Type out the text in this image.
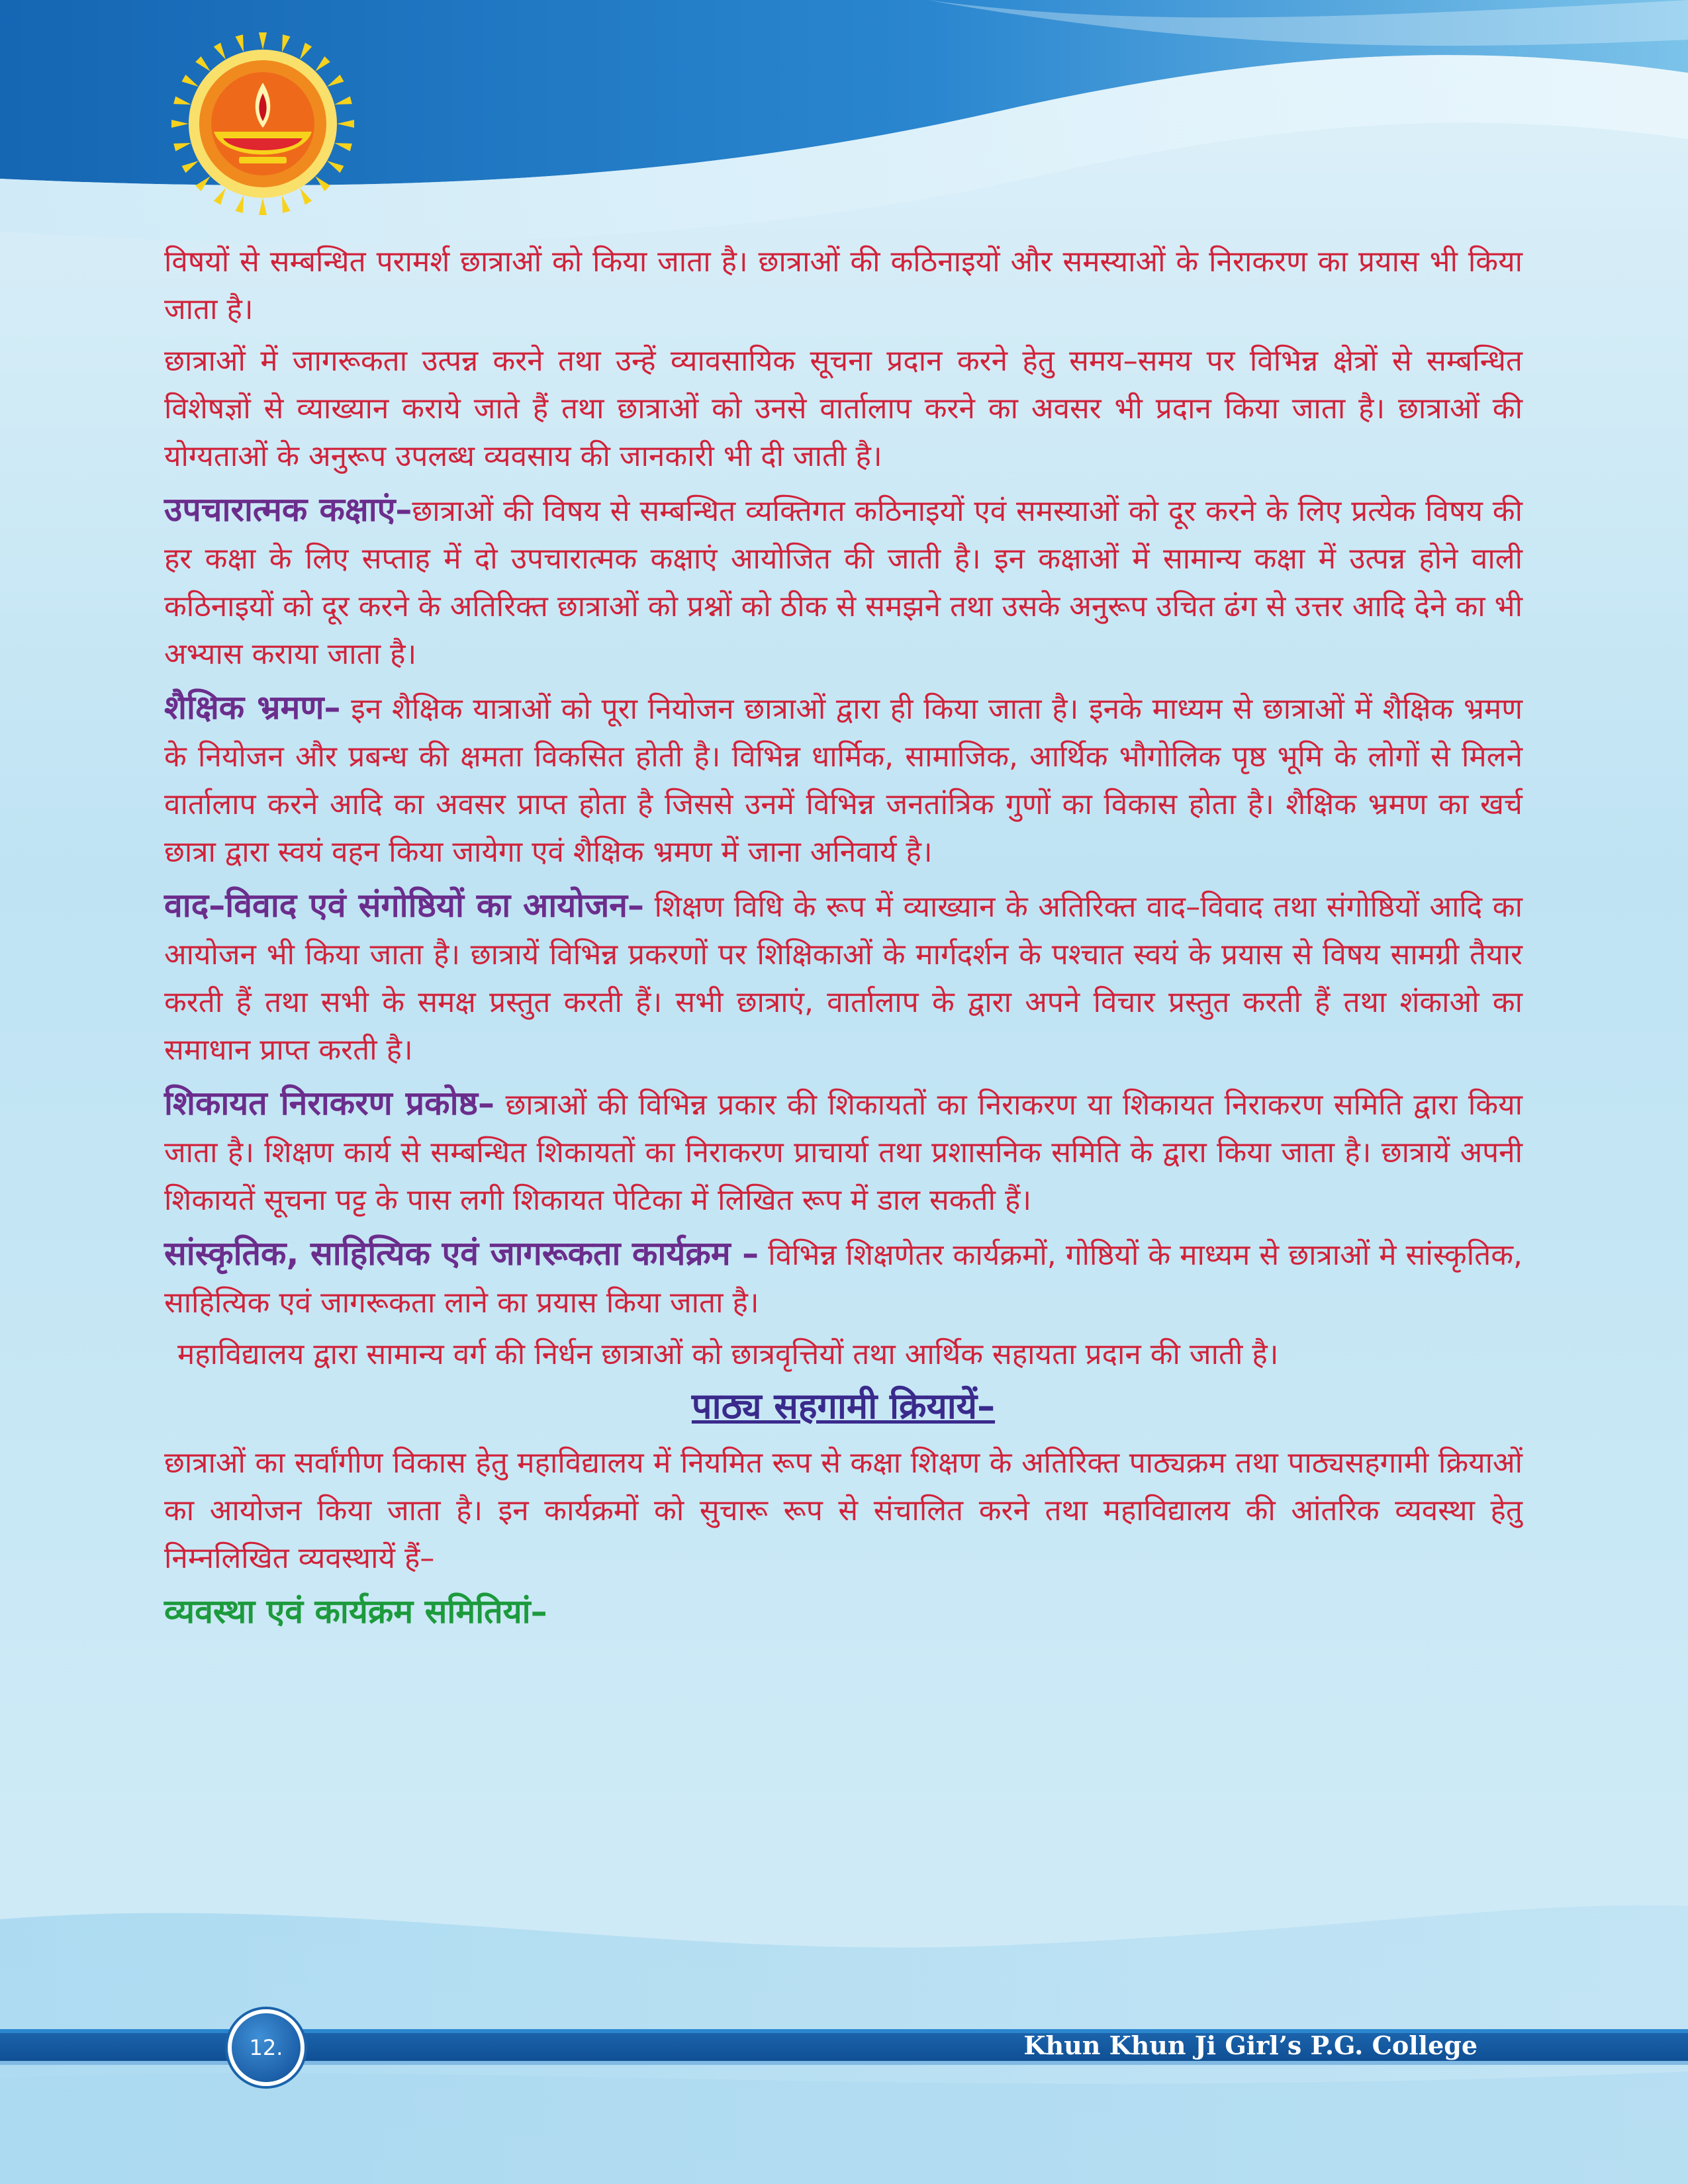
विषयों से सम्बन्धित परामर्श छात्राओं को किया जाता है। छात्राओं की कठिनाइयों और समस्याओं के निराकरण का प्रयास भी किया जाता है।

छात्राओं में जागरूकता उत्पन्न करने तथा उन्हें व्यावसायिक सूचना प्रदान करने हेतु समय–समय पर विभिन्न क्षेत्रों से सम्बन्धित विशेषज्ञों से व्याख्यान कराये जाते हैं तथा छात्राओं को उनसे वार्तालाप करने का अवसर भी प्रदान किया जाता है। छात्राओं की योग्यताओं के अनुरूप उपलब्ध व्यवसाय की जानकारी भी दी जाती है।

उपचारात्मक कक्षाएं–छात्राओं की विषय से सम्बन्धित व्यक्तिगत कठिनाइयों एवं समस्याओं को दूर करने के लिए प्रत्येक विषय की हर कक्षा के लिए सप्ताह में दो उपचारात्मक कक्षाएं आयोजित की जाती है। इन कक्षाओं में सामान्य कक्षा में उत्पन्न होने वाली कठिनाइयों को दूर करने के अतिरिक्त छात्राओं को प्रश्नों को ठीक से समझने तथा उसके अनुरूप उचित ढंग से उत्तर आदि देने का भी अभ्यास कराया जाता है।

शैक्षिक भ्रमण– इन शैक्षिक यात्राओं को पूरा नियोजन छात्राओं द्वारा ही किया जाता है। इनके माध्यम से छात्राओं में शैक्षिक भ्रमण के नियोजन और प्रबन्ध की क्षमता विकसित होती है। विभिन्न धार्मिक, सामाजिक, आर्थिक भौगोलिक पृष्ठ भूमि के लोगों से मिलने वार्तालाप करने आदि का अवसर प्राप्त होता है जिससे उनमें विभिन्न जनतांत्रिक गुणों का विकास होता है। शैक्षिक भ्रमण का खर्च छात्रा द्वारा स्वयं वहन किया जायेगा एवं शैक्षिक भ्रमण में जाना अनिवार्य है।

वाद–विवाद एवं संगोष्ठियों का आयोजन– शिक्षण विधि के रूप में व्याख्यान के अतिरिक्त वाद–विवाद तथा संगोष्ठियों आदि का आयोजन भी किया जाता है। छात्रायें विभिन्न प्रकरणों पर शिक्षिकाओं के मार्गदर्शन के पश्चात स्वयं के प्रयास से विषय सामग्री तैयार करती हैं तथा सभी के समक्ष प्रस्तुत करती हैं। सभी छात्राएं, वार्तालाप के द्वारा अपने विचार प्रस्तुत करती हैं तथा शंकाओ का समाधान प्राप्त करती है।

शिकायत निराकरण प्रकोष्ठ– छात्राओं की विभिन्न प्रकार की शिकायतों का निराकरण या शिकायत निराकरण समिति द्वारा किया जाता है। शिक्षण कार्य से सम्बन्धित शिकायतों का निराकरण प्राचार्या तथा प्रशासनिक समिति के द्वारा किया जाता है। छात्रायें अपनी शिकायतें सूचना पट्ट के पास लगी शिकायत पेटिका में लिखित रूप में डाल सकती हैं।

सांस्कृतिक, साहित्यिक एवं जागरूकता कार्यक्रम – विभिन्न शिक्षणेतर कार्यक्रमों, गोष्ठियों के माध्यम से छात्राओं मे सांस्कृतिक, साहित्यिक एवं जागरूकता लाने का प्रयास किया जाता है।

महाविद्यालय द्वारा सामान्य वर्ग की निर्धन छात्राओं को छात्रवृत्तियों तथा आर्थिक सहायता प्रदान की जाती है।

पाठ्य सहगामी क्रियायें–

छात्राओं का सर्वांगीण विकास हेतु महाविद्यालय में नियमित रूप से कक्षा शिक्षण के अतिरिक्त पाठ्यक्रम तथा पाठ्यसहगामी क्रियाओं का आयोजन किया जाता है। इन कार्यक्रमों को सुचारू रूप से संचालित करने तथा महाविद्यालय की आंतरिक व्यवस्था हेतु निम्नलिखित व्यवस्थायें हैं–

व्यवस्था एवं कार्यक्रम समितियां–

12.	Khun Khun Ji Girl’s P.G. College
